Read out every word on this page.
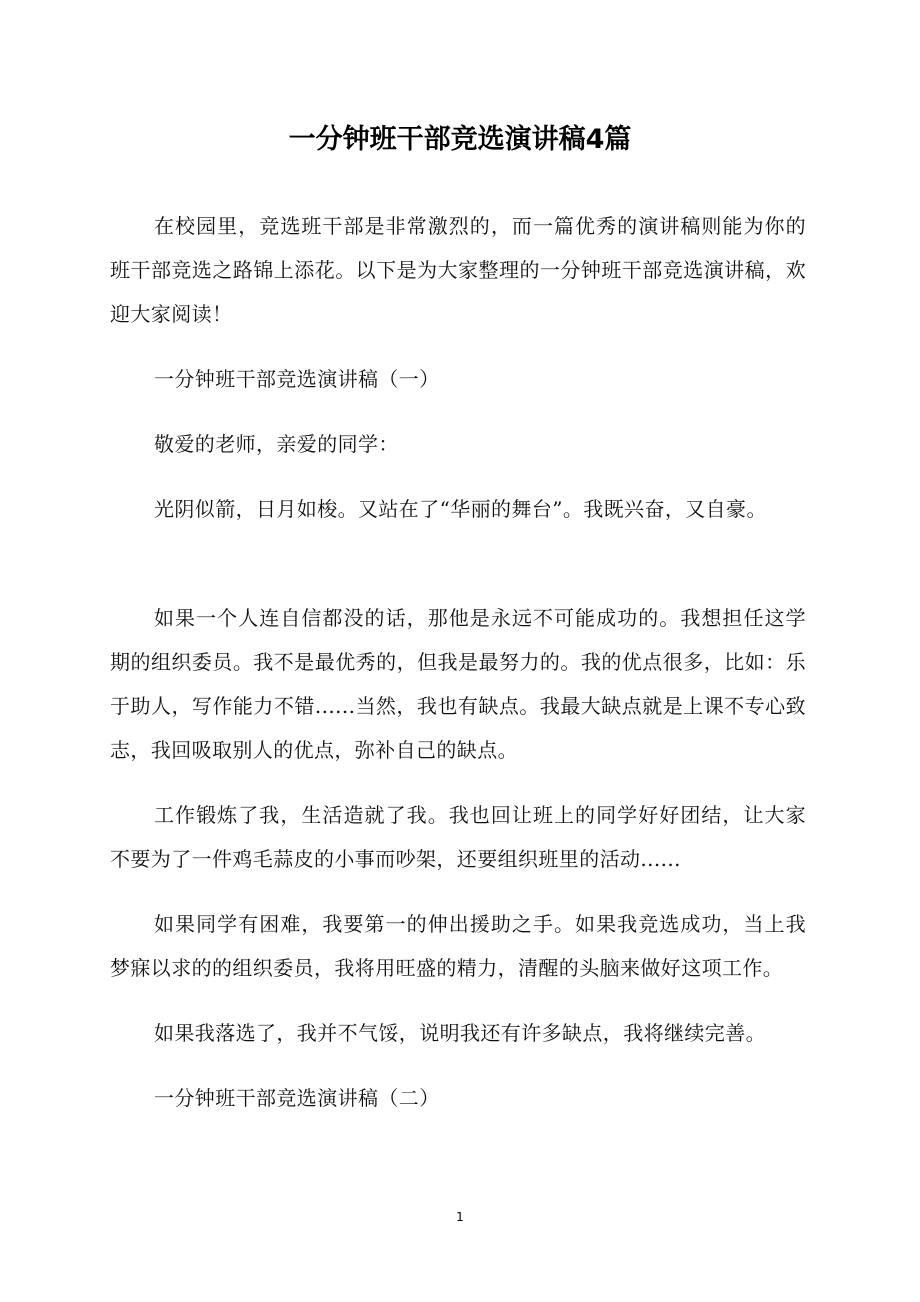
一分钟班干部竞选演讲稿4篇

在校园里，竞选班干部是非常激烈的，而一篇优秀的演讲稿则能为你的班干部竞选之路锦上添花。以下是为大家整理的一分钟班干部竞选演讲稿，欢迎大家阅读！

一分钟班干部竞选演讲稿（一）

敬爱的老师，亲爱的同学：

光阴似箭，日月如梭。又站在了“华丽的舞台”。我既兴奋，又自豪。

如果一个人连自信都没的话，那他是永远不可能成功的。我想担任这学期的组织委员。我不是最优秀的，但我是最努力的。我的优点很多，比如：乐于助人，写作能力不错......当然，我也有缺点。我最大缺点就是上课不专心致志，我回吸取别人的优点，弥补自己的缺点。

工作锻炼了我，生活造就了我。我也回让班上的同学好好团结，让大家不要为了一件鸡毛蒜皮的小事而吵架，还要组织班里的活动......

如果同学有困难，我要第一的伸出援助之手。如果我竞选成功，当上我梦寐以求的的组织委员，我将用旺盛的精力，清醒的头脑来做好这项工作。

如果我落选了，我并不气馁，说明我还有许多缺点，我将继续完善。

一分钟班干部竞选演讲稿（二）

1
